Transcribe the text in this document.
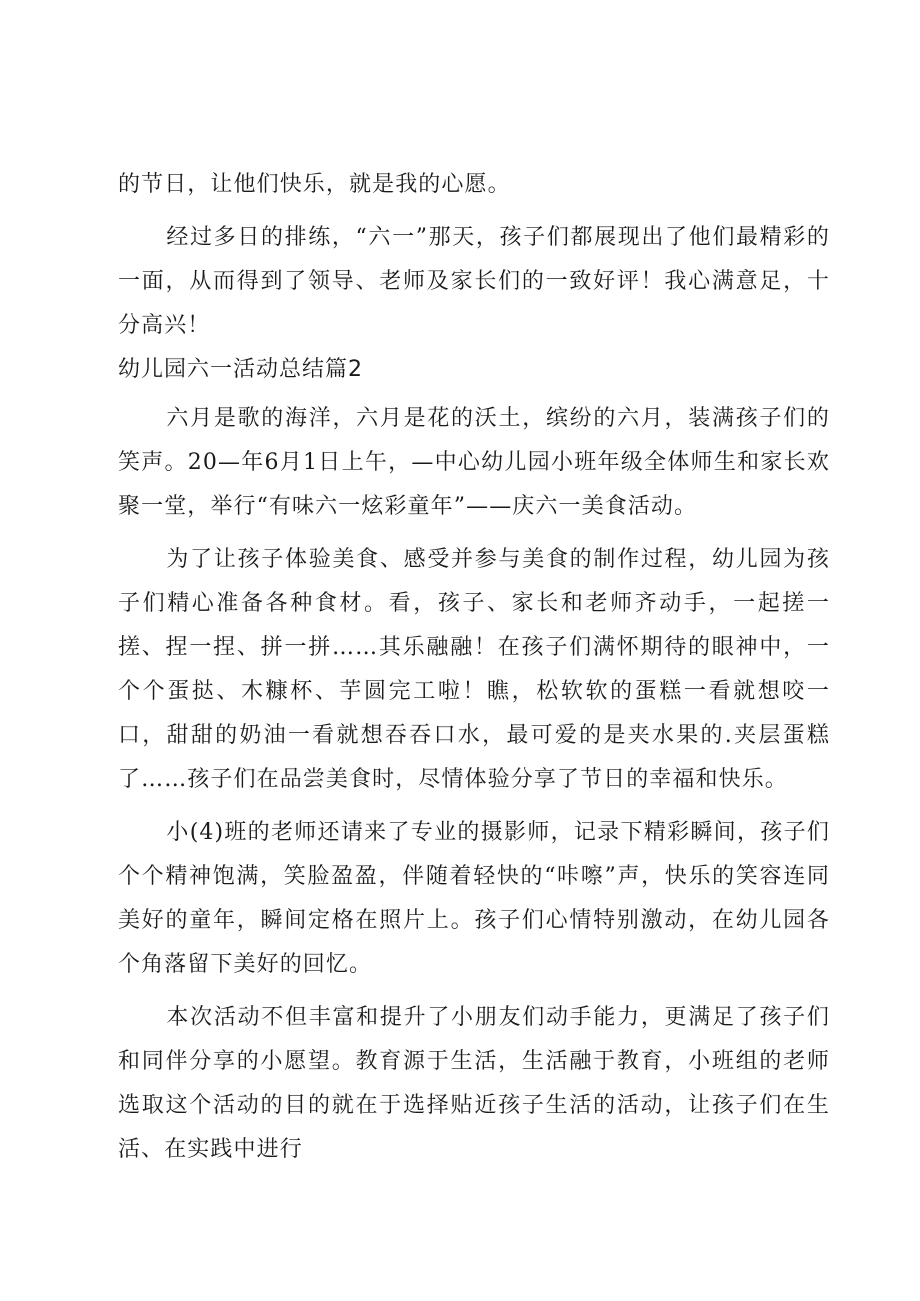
的节日，让他们快乐，就是我的心愿。

经过多日的排练，“六一”那天，孩子们都展现出了他们最精彩的一面，从而得到了领导、老师及家长们的一致好评！我心满意足，十分高兴！

幼儿园六一活动总结篇2

六月是歌的海洋，六月是花的沃土，缤纷的六月，装满孩子们的笑声。20—年6月1日上午，—中心幼儿园小班年级全体师生和家长欢聚一堂，举行“有味六一炫彩童年”——庆六一美食活动。

为了让孩子体验美食、感受并参与美食的制作过程，幼儿园为孩子们精心准备各种食材。看，孩子、家长和老师齐动手，一起搓一搓、捏一捏、拼一拼……其乐融融！在孩子们满怀期待的眼神中，一个个蛋挞、木糠杯、芋圆完工啦！瞧，松软软的蛋糕一看就想咬一口，甜甜的奶油一看就想吞吞口水，最可爱的是夹水果的.夹层蛋糕了……孩子们在品尝美食时，尽情体验分享了节日的幸福和快乐。

小(4)班的老师还请来了专业的摄影师，记录下精彩瞬间，孩子们个个精神饱满，笑脸盈盈，伴随着轻快的“咔嚓”声，快乐的笑容连同美好的童年，瞬间定格在照片上。孩子们心情特别激动，在幼儿园各个角落留下美好的回忆。

本次活动不但丰富和提升了小朋友们动手能力，更满足了孩子们和同伴分享的小愿望。教育源于生活，生活融于教育，小班组的老师选取这个活动的目的就在于选择贴近孩子生活的活动，让孩子们在生活、在实践中进行
